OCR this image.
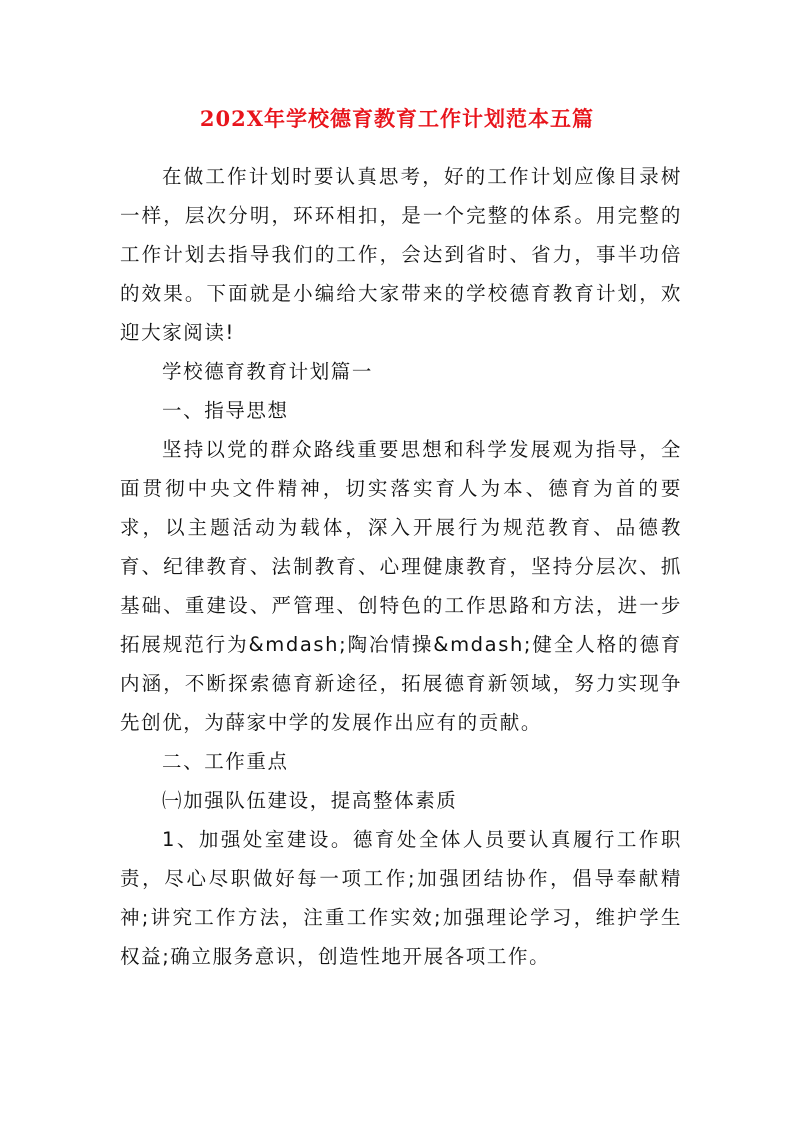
202X年学校德育教育工作计划范本五篇

在做工作计划时要认真思考，好的工作计划应像目录树一样，层次分明，环环相扣，是一个完整的体系。用完整的工作计划去指导我们的工作，会达到省时、省力，事半功倍的效果。下面就是小编给大家带来的学校德育教育计划，欢迎大家阅读!

学校德育教育计划篇一

一、指导思想

坚持以党的群众路线重要思想和科学发展观为指导，全面贯彻中央文件精神，切实落实育人为本、德育为首的要求，以主题活动为载体，深入开展行为规范教育、品德教育、纪律教育、法制教育、心理健康教育，坚持分层次、抓基础、重建设、严管理、创特色的工作思路和方法，进一步拓展规范行为&mdash;陶冶情操&mdash;健全人格的德育内涵，不断探索德育新途径，拓展德育新领域，努力实现争先创优，为薛家中学的发展作出应有的贡献。

二、工作重点

㈠加强队伍建设，提高整体素质

1、加强处室建设。德育处全体人员要认真履行工作职责，尽心尽职做好每一项工作;加强团结协作，倡导奉献精神;讲究工作方法，注重工作实效;加强理论学习，维护学生权益;确立服务意识，创造性地开展各项工作。
